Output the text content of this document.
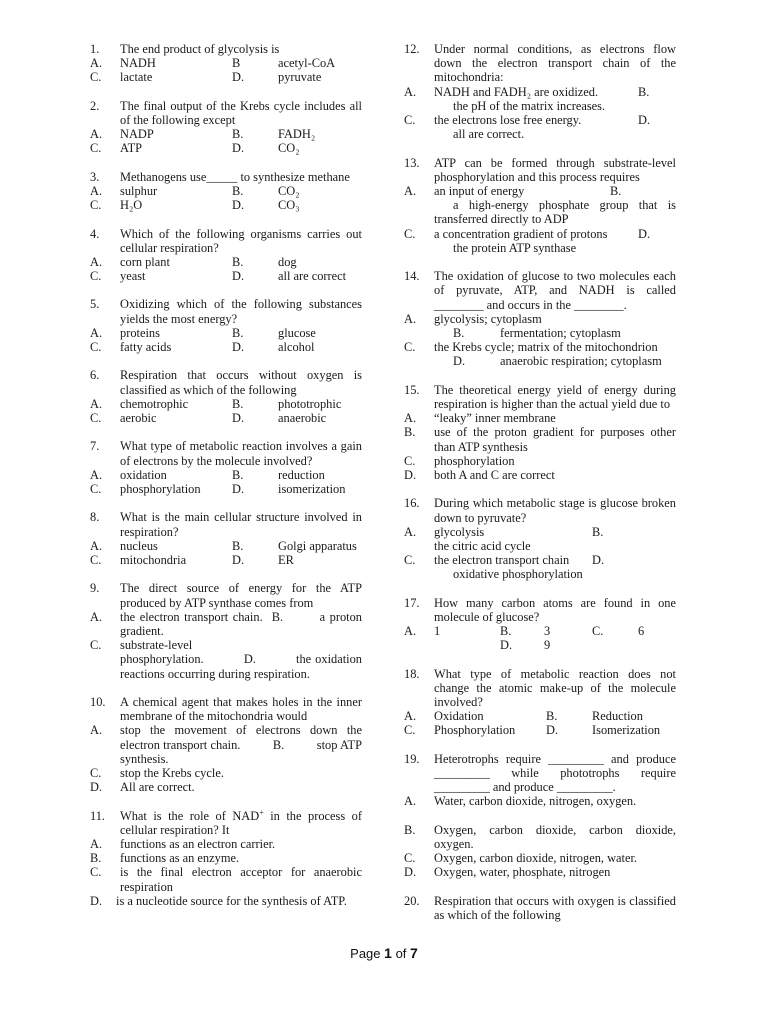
1. The end product of glycolysis is
A. NADH	B	acetyl-CoA
C. lactate	D.	pyruvate
2. The final output of the Krebs cycle includes all of the following except
A. NADP	B.	FADH₂
C. ATP	D.	CO₂
3. Methanogens use_____ to synthesize methane
A. sulphur	B.	CO₂
C. H₂O	D.	CO₃
4. Which of the following organisms carries out cellular respiration?
A. corn plant	B.	dog
C. yeast	D.	all are correct
5. Oxidizing which of the following substances yields the most energy?
A. proteins	B.	glucose
C. fatty acids	D.	alcohol
6. Respiration that occurs without oxygen is classified as which of the following
A. chemotrophic	B.	phototrophic
C. aerobic	D.	anaerobic
7. What type of metabolic reaction involves a gain of electrons by the molecule involved?
A. oxidation	B.	reduction
C. phosphorylation	D.	isomerization
8. What is the main cellular structure involved in respiration?
A. nucleus	B.	Golgi apparatus
C. mitochondria	D.	ER
9. The direct source of energy for the ATP produced by ATP synthase comes from
A. the electron transport chain. B.	a proton gradient.
C. substrate-level phosphorylation.	D.	the oxidation reactions occurring during respiration.
10. A chemical agent that makes holes in the inner membrane of the mitochondria would
A. stop the movement of electrons down the electron transport chain.	B.	stop ATP synthesis.
C. stop the Krebs cycle.
D. All are correct.
11. What is the role of NAD+ in the process of cellular respiration? It
A. functions as an electron carrier.
B. functions as an enzyme.
C. is the final electron acceptor for anaerobic respiration
D. is a nucleotide source for the synthesis of ATP.
12. Under normal conditions, as electrons flow down the electron transport chain of the mitochondria:
A. NADH and FADH₂ are oxidized.	B.
the pH of the matrix increases.
C. the electrons lose free energy.	D.
all are correct.
13. ATP can be formed through substrate-level phosphorylation and this process requires
A. an input of energy	B.
a high-energy phosphate group that is transferred directly to ADP
C. a concentration gradient of protons D.
the protein ATP synthase
14. The oxidation of glucose to two molecules each of pyruvate, ATP, and NADH is called ________ and occurs in the ________.
A. glycolysis; cytoplasm
B.	fermentation; cytoplasm
C. the Krebs cycle; matrix of the mitochondrion
D.	anaerobic respiration; cytoplasm
15. The theoretical energy yield of energy during respiration is higher than the actual yield due to
A. “leaky” inner membrane
B. use of the proton gradient for purposes other than ATP synthesis
C. phosphorylation
D. both A and C are correct
16. During which metabolic stage is glucose broken down to pyruvate?
A. glycolysis	B.
the citric acid cycle
C. the electron transport chain D.
oxidative phosphorylation
17. How many carbon atoms are found in one molecule of glucose?
A. 1	B.	3	C.	6
D.	9
18. What type of metabolic reaction does not change the atomic make-up of the molecule involved?
A. Oxidation	B.	Reduction
C. Phosphorylation D.	Isomerization
19. Heterotrophs require _________ and produce _________ while phototrophs require _________ and produce _________.
A. Water, carbon dioxide, nitrogen, oxygen.
B. Oxygen, carbon dioxide, carbon dioxide, oxygen.
C. Oxygen, carbon dioxide, nitrogen, water.
D. Oxygen, water, phosphate, nitrogen
20. Respiration that occurs with oxygen is classified as which of the following
Page 1 of 7
